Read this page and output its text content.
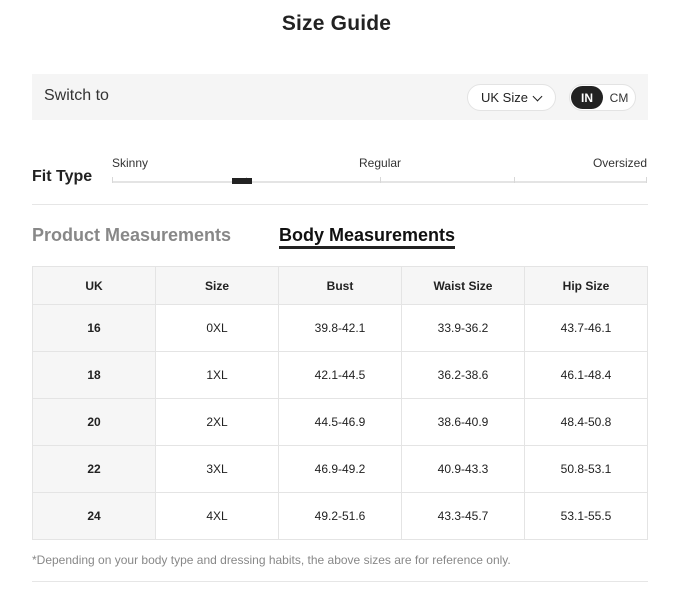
Size Guide
Switch to	UK Size	IN	CM
Fit Type
Skinny	Regular	Oversized
Product Measurements	Body Measurements
UK	Size	Bust	Waist Size	Hip Size
16	0XL	39.8-42.1	33.9-36.2	43.7-46.1
18	1XL	42.1-44.5	36.2-38.6	46.1-48.4
20	2XL	44.5-46.9	38.6-40.9	48.4-50.8
22	3XL	46.9-49.2	40.9-43.3	50.8-53.1
24	4XL	49.2-51.6	43.3-45.7	53.1-55.5
*Depending on your body type and dressing habits, the above sizes are for reference only.
